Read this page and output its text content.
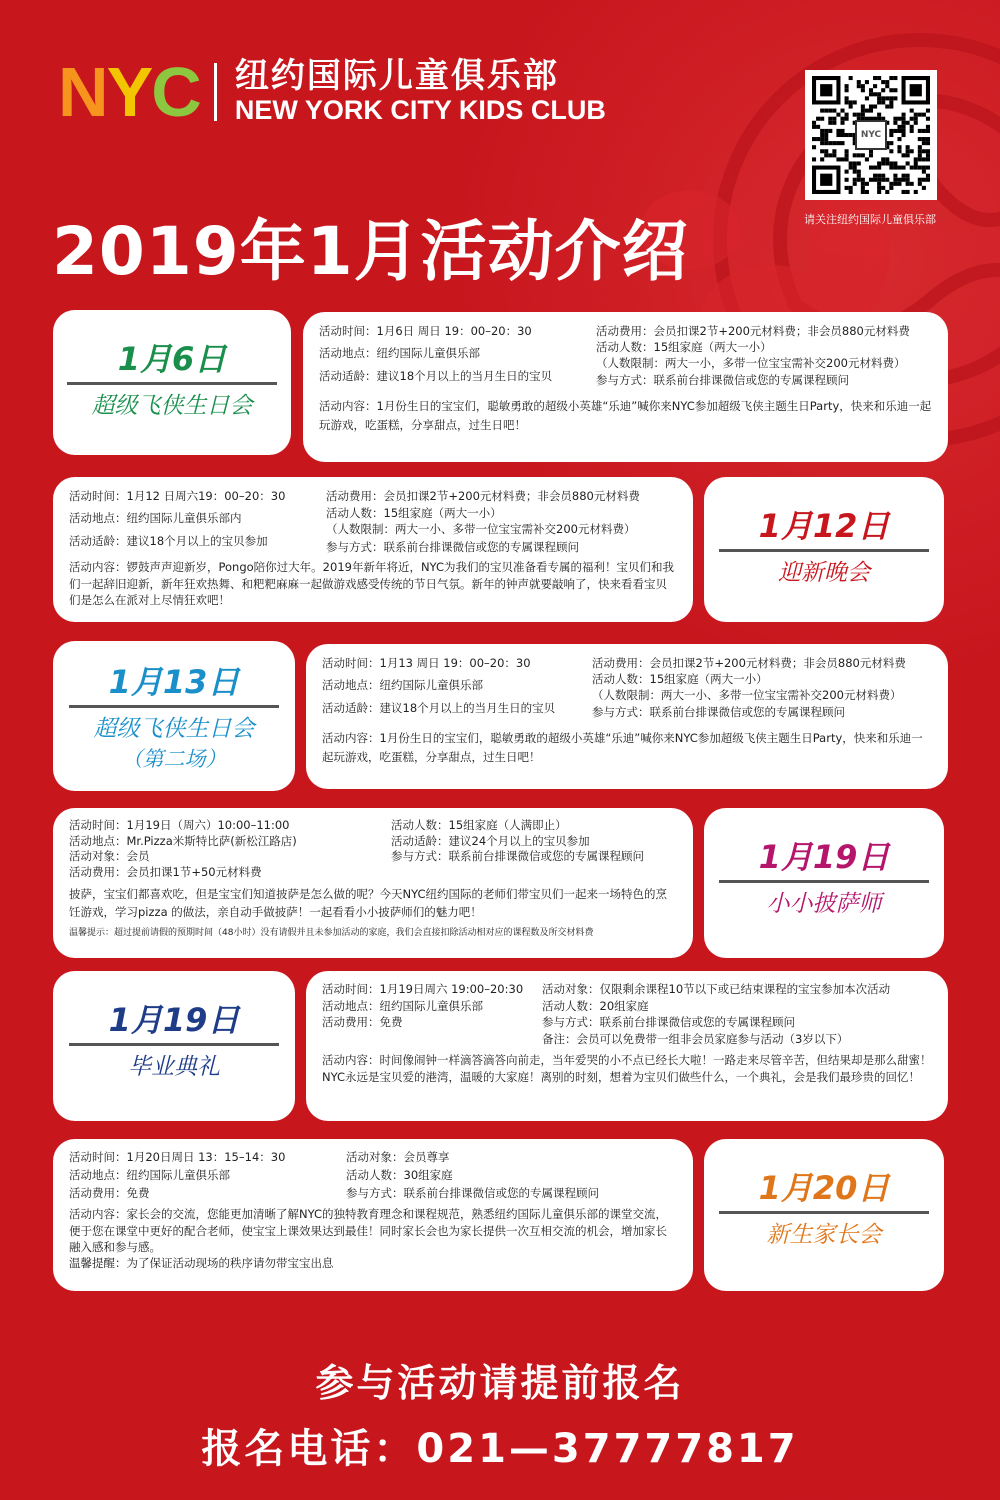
NYC 纽约国际儿童俱乐部
NEW YORK CITY KIDS CLUB
NYC
请关注纽约国际儿童俱乐部
2019年1月活动介绍
1月6日
超级飞侠生日会
活动时间：1月6日 周日 19：00–20：30
活动地点：纽约国际儿童俱乐部
活动适龄：建议18个月以上的当月生日的宝贝
活动费用：会员扣课2节+200元材料费；非会员880元材料费
活动人数：15组家庭（两大一小）
（人数限制：两大一小，多带一位宝宝需补交200元材料费）
参与方式：联系前台排课微信或您的专属课程顾问
活动内容：1月份生日的宝宝们，聪敏勇敢的超级小英雄“乐迪”喊你来NYC参加超级飞侠主题生日Party，快来和乐迪一起玩游戏，吃蛋糕，分享甜点，过生日吧！
活动时间：1月12 日周六19：00–20：30
活动地点：纽约国际儿童俱乐部内
活动适龄：建议18个月以上的宝贝参加
活动费用：会员扣课2节+200元材料费；非会员880元材料费
活动人数：15组家庭（两大一小）
（人数限制：两大一小、多带一位宝宝需补交200元材料费）
参与方式：联系前台排课微信或您的专属课程顾问
活动内容：锣鼓声声迎新岁，Pongo陪你过大年。2019年新年将近，NYC为我们的宝贝准备看专属的福利！宝贝们和我们一起辞旧迎新，新年狂欢热舞、和粑粑麻麻一起做游戏感受传统的节日气氛。新年的钟声就要敲响了，快来看看宝贝们是怎么在派对上尽情狂欢吧！
1月12日
迎新晚会
1月13日
超级飞侠生日会
（第二场）
活动时间：1月13 周日 19：00–20：30
活动地点：纽约国际儿童俱乐部
活动适龄：建议18个月以上的当月生日的宝贝
活动费用：会员扣课2节+200元材料费；非会员880元材料费
活动人数：15组家庭（两大一小）
（人数限制：两大一小、多带一位宝宝需补交200元材料费）
参与方式：联系前台排课微信或您的专属课程顾问
活动内容：1月份生日的宝宝们，聪敏勇敢的超级小英雄“乐迪”喊你来NYC参加超级飞侠主题生日Party，快来和乐迪一起玩游戏，吃蛋糕，分享甜点，过生日吧！
活动时间：1月19日（周六）10:00–11:00
活动地点：Mr.Pizza米斯特比萨(新松江路店)
活动对象：会员
活动费用：会员扣课1节+50元材料费
活动人数：15组家庭（人满即止）
活动适龄：建议24个月以上的宝贝参加
参与方式：联系前台排课微信或您的专属课程顾问
披萨，宝宝们都喜欢吃，但是宝宝们知道披萨是怎么做的呢？今天NYC纽约国际的老师们带宝贝们一起来一场特色的烹饪游戏，学习pizza 的做法，亲自动手做披萨！一起看看小小披萨师们的魅力吧！
温馨提示：超过提前请假的预期时间（48小时）没有请假并且未参加活动的家庭，我们会直接扣除活动相对应的课程数及所交材料费
1月19日
小小披萨师
1月19日
毕业典礼
活动时间：1月19日周六 19:00–20:30
活动地点：纽约国际儿童俱乐部
活动费用：免费
活动对象：仅限剩余课程10节以下或已结束课程的宝宝参加本次活动
活动人数：20组家庭
参与方式：联系前台排课微信或您的专属课程顾问
备注：会员可以免费带一组非会员家庭参与活动（3岁以下）
活动内容：时间像闹钟一样滴答滴答向前走，当年爱哭的小不点已经长大啦！一路走来尽管辛苦，但结果却是那么甜蜜！NYC永远是宝贝爱的港湾，温暖的大家庭！离别的时刻，想着为宝贝们做些什么，一个典礼，会是我们最珍贵的回忆！
活动时间：1月20日周日 13：15–14：30
活动地点：纽约国际儿童俱乐部
活动费用：免费
活动对象：会员尊享
活动人数：30组家庭
参与方式：联系前台排课微信或您的专属课程顾问
活动内容：家长会的交流，您能更加清晰了解NYC的独特教育理念和课程规范，熟悉纽约国际儿童俱乐部的课堂交流，便于您在课堂中更好的配合老师，使宝宝上课效果达到最佳！同时家长会也为家长提供一次互相交流的机会，增加家长融入感和参与感。
温馨提醒：为了保证活动现场的秩序请勿带宝宝出息
1月20日
新生家长会
参与活动请提前报名
报名电话：021—37777817
